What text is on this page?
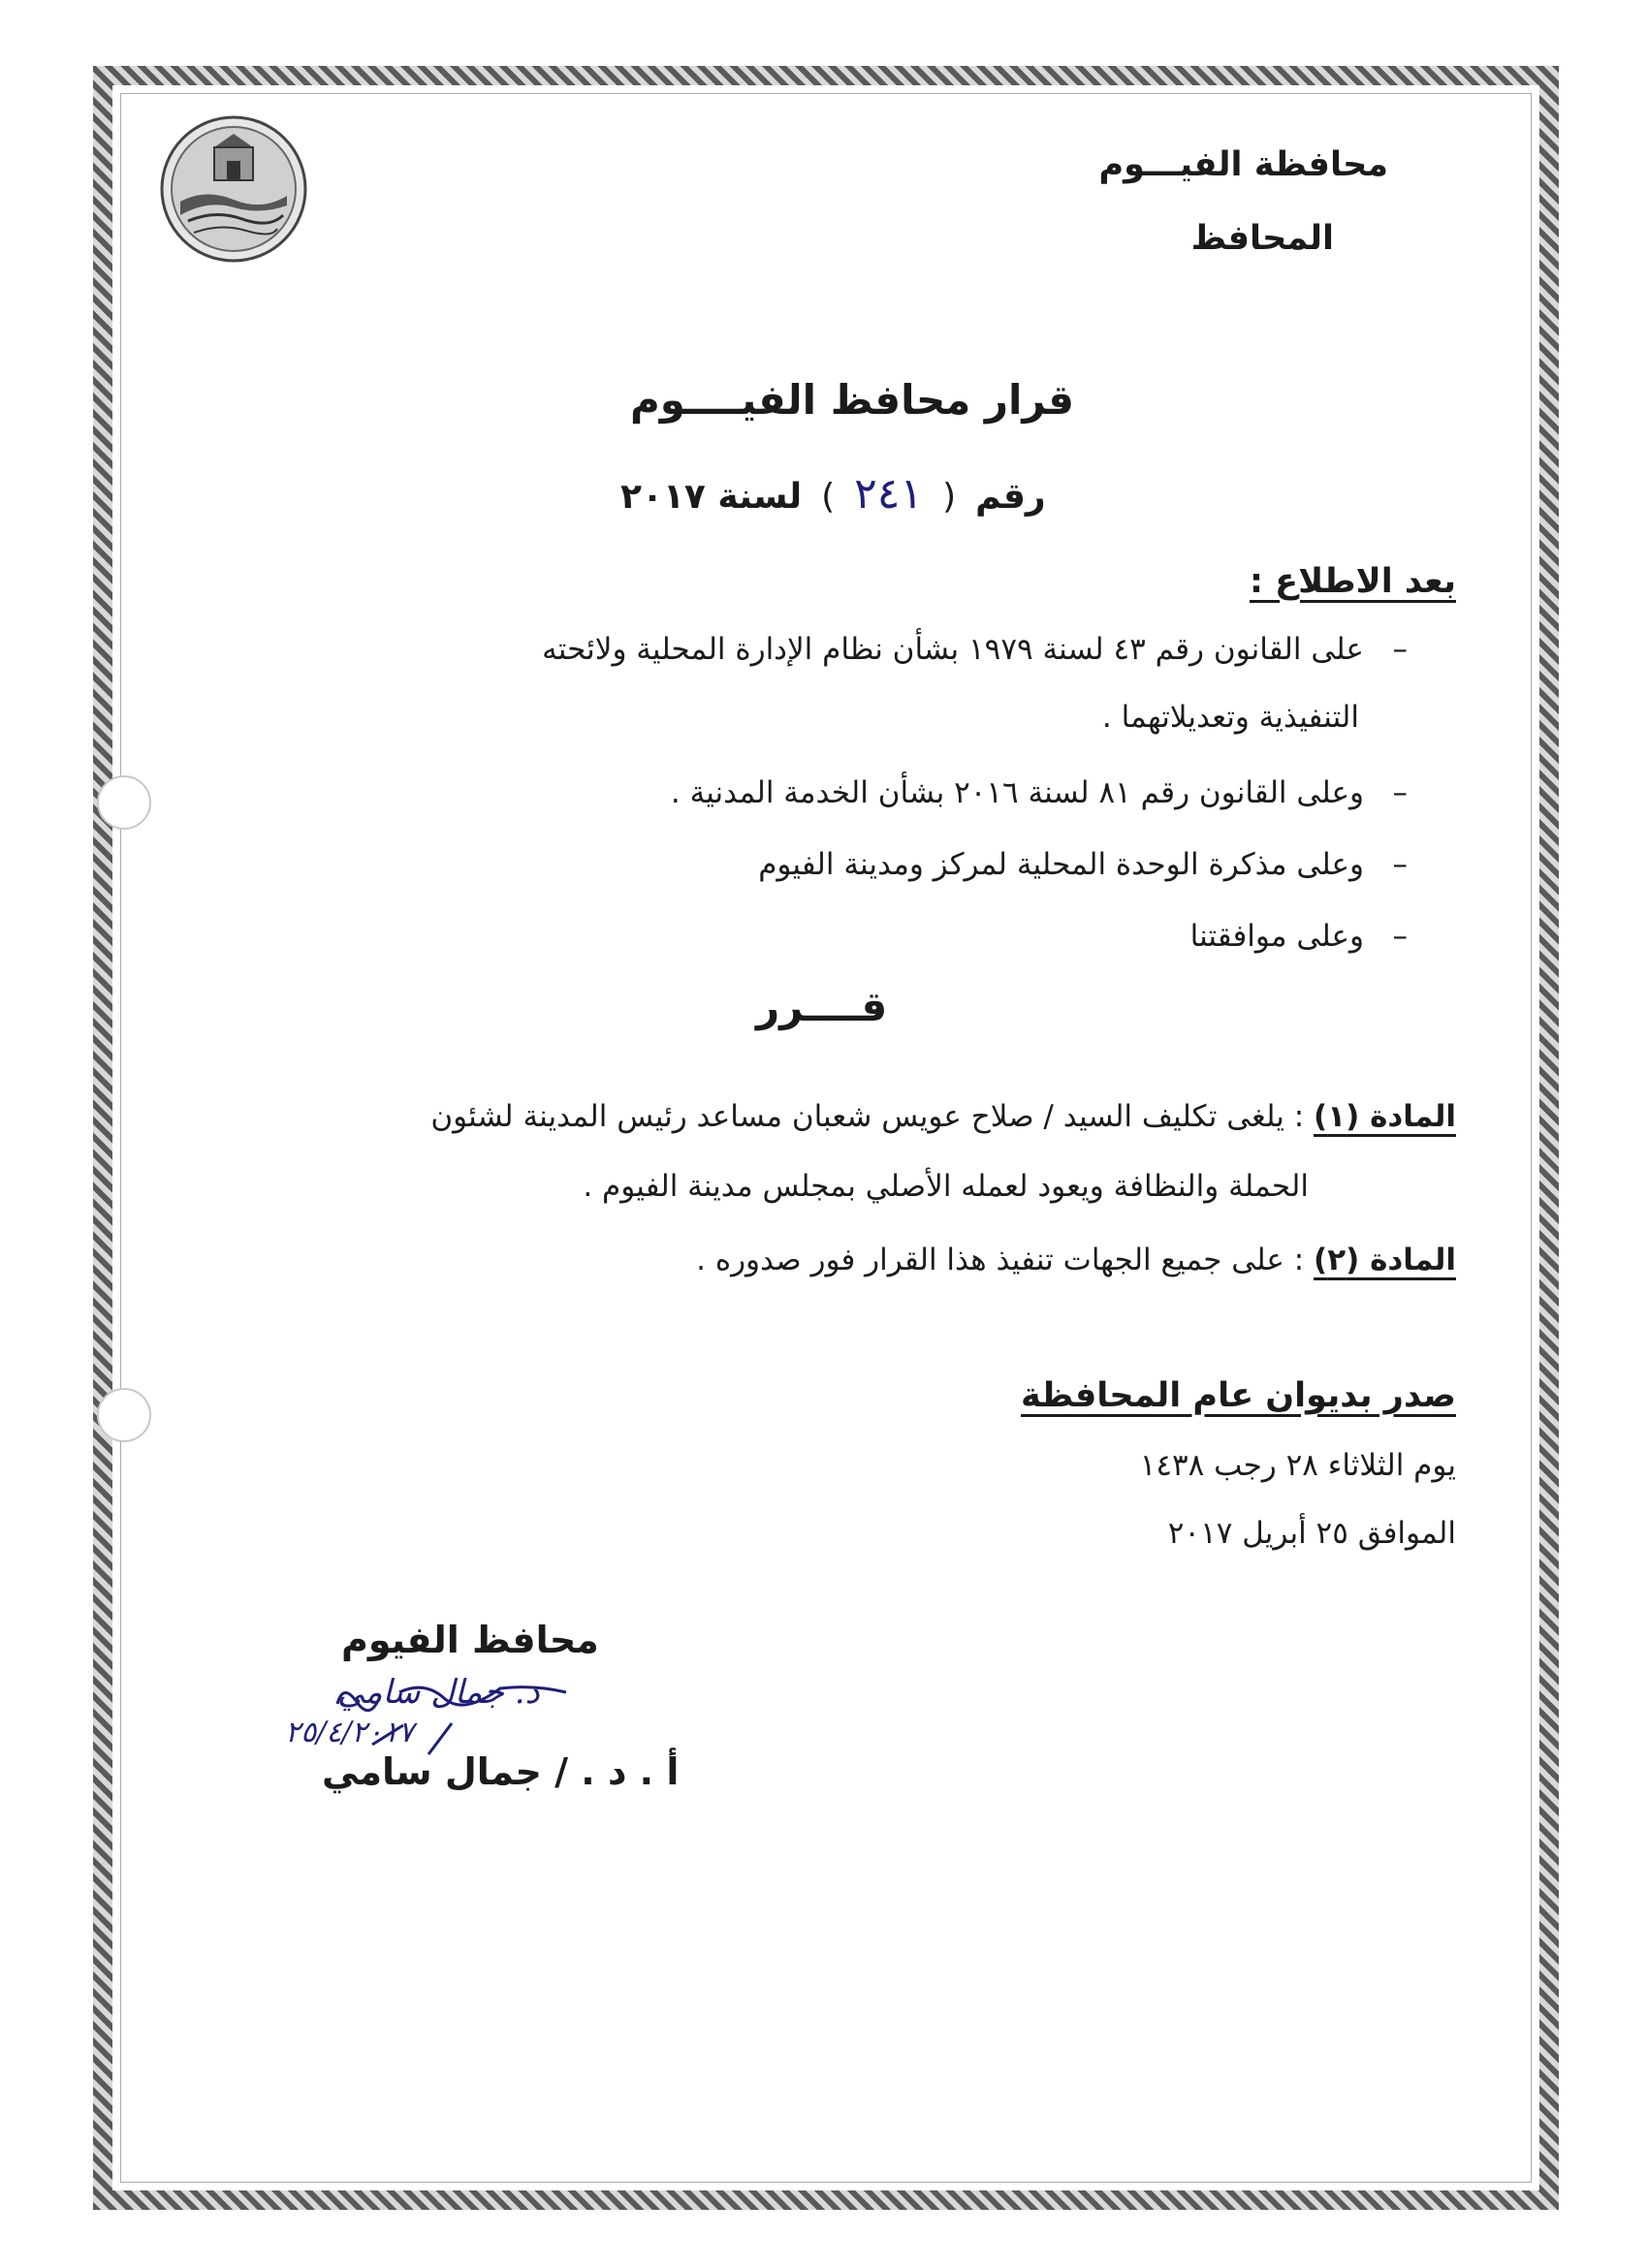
محافظة الفيـــوم
المحافظ
قرار محافظ الفيــــوم
رقم
(
٢٤١
)
لسنة ٢٠١٧
بعد الاطلاع :
–   على القانون رقم ٤٣ لسنة ١٩٧٩ بشأن نظام الإدارة المحلية ولائحته
التنفيذية وتعديلاتهما .
–   وعلى القانون رقم ٨١ لسنة ٢٠١٦ بشأن الخدمة المدنية .
–   وعلى مذكرة الوحدة المحلية لمركز ومدينة الفيوم
–   وعلى موافقتنا
قــــرر
المادة (١) : يلغى تكليف السيد / صلاح عويس شعبان مساعد رئيس المدينة لشئون
الحملة والنظافة ويعود لعمله الأصلي بمجلس مدينة الفيوم .
المادة (٢) : على جميع الجهات تنفيذ هذا القرار فور صدوره .
صدر بديوان عام المحافظة
يوم الثلاثاء ٢٨ رجب ١٤٣٨
الموافق ٢٥ أبريل ٢٠١٧
محافظ الفيوم
د. جمال سامي
٢٥/٤/٢٠١٧
أ . د . / جمال سامي
